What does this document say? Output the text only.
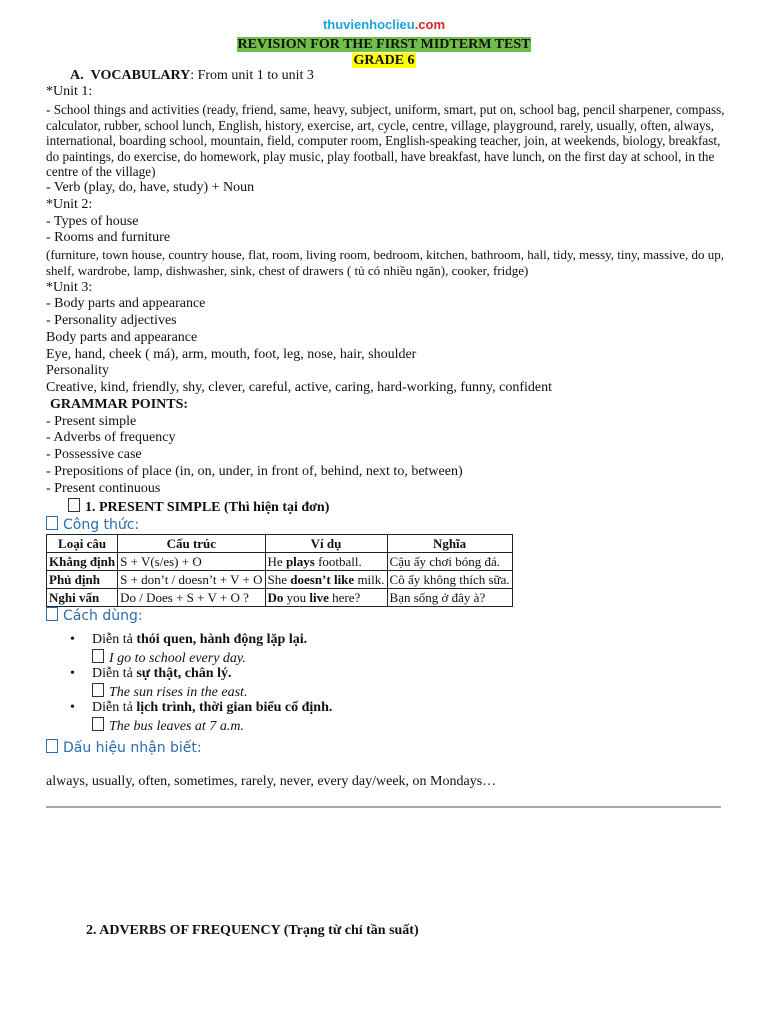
thuvienhoclieu.com
REVISION FOR THE FIRST MIDTERM TEST
GRADE 6
A. VOCABULARY: From unit 1 to unit 3
*Unit 1:
- School things and activities (ready, friend, same, heavy, subject, uniform, smart, put on, school bag, pencil sharpener, compass, calculator, rubber, school lunch, English, history, exercise, art, cycle, centre, village, playground, rarely, usually, often, always, international, boarding school, mountain, field, computer room, English-speaking teacher, join, at weekends, biology, breakfast, do paintings, do exercise, do homework, play music, play football, have breakfast, have lunch, on the first day at school, in the centre of the village)
- Verb (play, do, have, study) + Noun
*Unit 2:
- Types of house
- Rooms and furniture
(furniture, town house, country house, flat, room, living room, bedroom, kitchen, bathroom, hall, tidy, messy, tiny, massive, do up, shelf, wardrobe, lamp, dishwasher, sink, chest of drawers ( tủ có nhiều ngăn), cooker, fridge)
*Unit 3:
- Body parts and appearance
- Personality adjectives
Body parts and appearance
Eye, hand, cheek ( má), arm, mouth, foot, leg, nose, hair, shoulder
Personality
Creative, kind, friendly, shy, clever, careful, active, caring, hard-working, funny, confident
GRAMMAR POINTS:
- Present simple
- Adverbs of frequency
- Possessive case
- Prepositions of place (in, on, under, in front of, behind, next to, between)
- Present continuous
1. PRESENT SIMPLE (Thì hiện tại đơn)
Công thức:
Loại câu	Cấu trúc	Ví dụ	Nghĩa
Khẳng định	S + V(s/es) + O	He plays football.	Cậu ấy chơi bóng đá.
Phủ định	S + don’t / doesn’t + V + O	She doesn’t like milk.	Cô ấy không thích sữa.
Nghi vấn	Do / Does + S + V + O ?	Do you live here?	Bạn sống ở đây à?
Cách dùng:
• Diễn tả thói quen, hành động lặp lại.
I go to school every day.
• Diễn tả sự thật, chân lý.
The sun rises in the east.
• Diễn tả lịch trình, thời gian biểu cố định.
The bus leaves at 7 a.m.
Dấu hiệu nhận biết:
always, usually, often, sometimes, rarely, never, every day/week, on Mondays…
2. ADVERBS OF FREQUENCY (Trạng từ chỉ tần suất)
